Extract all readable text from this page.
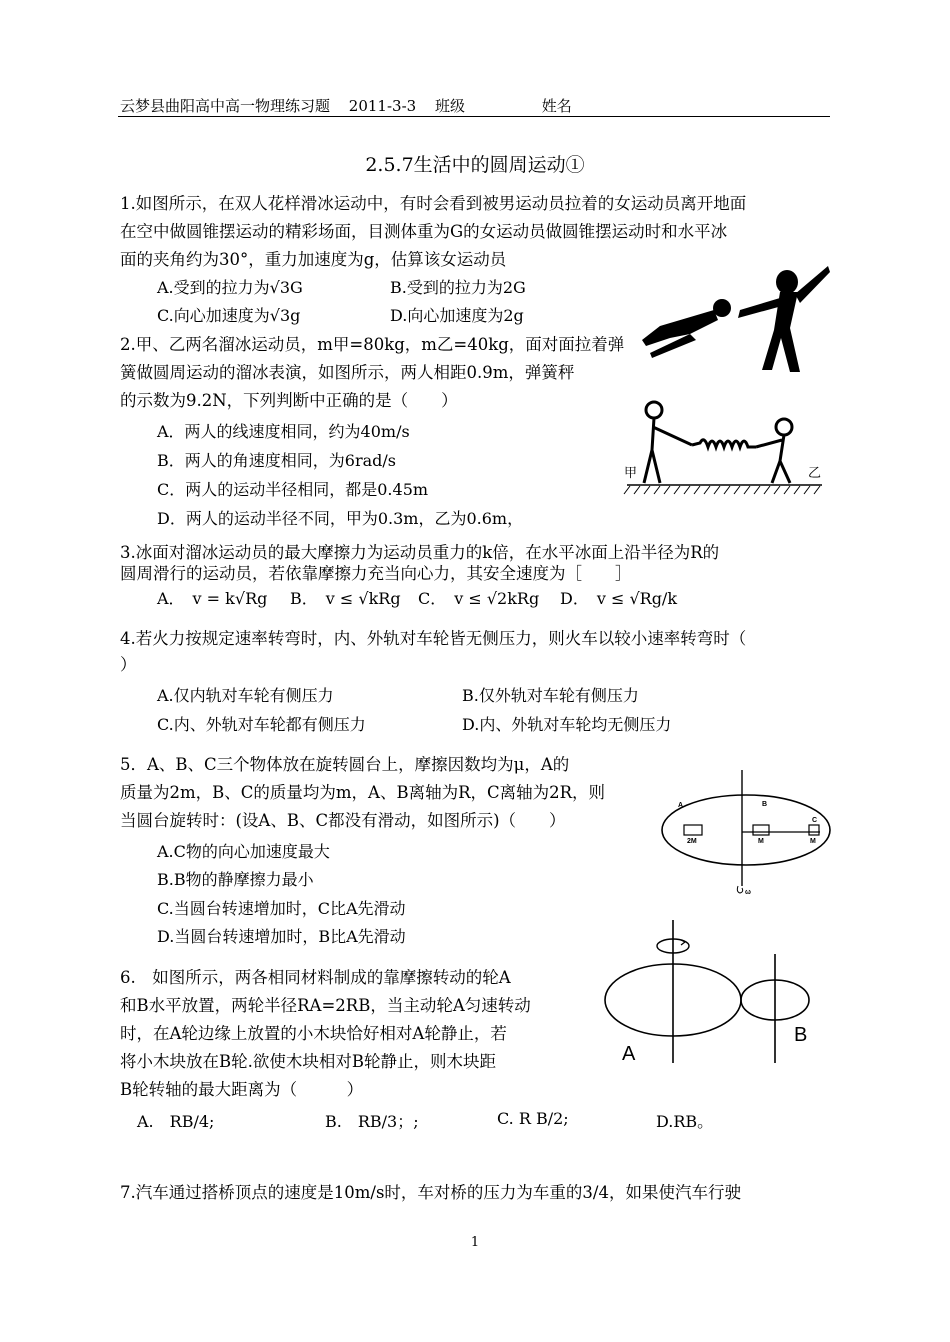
云梦县曲阳高中高一物理练习题 2011-3-3 班级	姓名
2.5.7生活中的圆周运动①
1.如图所示，在双人花样滑冰运动中，有时会看到被男运动员拉着的女运动员离开地面
在空中做圆锥摆运动的精彩场面，目测体重为G的女运动员做圆锥摆运动时和水平冰
面的夹角约为30°，重力加速度为g，估算该女运动员
A.受到的拉力为√3G	B.受到的拉力为2G
C.向心加速度为√3g	D.向心加速度为2g
2.甲、乙两名溜冰运动员，m甲=80kg，m乙=40kg，面对面拉着弹
簧做圆周运动的溜冰表演，如图所示，两人相距0.9m，弹簧秤
的示数为9.2N，下列判断中正确的是（　　）
A．两人的线速度相同，约为40m/s
B．两人的角速度相同，为6rad/s
C．两人的运动半径相同，都是0.45m
D．两人的运动半径不同，甲为0.3m，乙为0.6m，
甲	乙
3.冰面对溜冰运动员的最大摩擦力为运动员重力的k倍，在水平冰面上沿半径为R的
圆周滑行的运动员，若依靠摩擦力充当向心力，其安全速度为［　　］
A．　v = k√Rg B．　v ≤ √kRg C．　v ≤ √2kRg D．　v ≤ √Rg/k
4.若火力按规定速率转弯时，内、外轨对车轮皆无侧压力，则火车以较小速率转弯时（
）
A.仅内轨对车轮有侧压力	B.仅外轨对车轮有侧压力
C.内、外轨对车轮都有侧压力	D.内、外轨对车轮均无侧压力
5．A、B、C三个物体放在旋转圆台上，摩擦因数均为μ，A的
质量为2m，B、C的质量均为m，A、B离轴为R，C离轴为2R，则
当圆台旋转时：(设A、B、C都没有滑动，如图所示)（　　）
A.C物的向心加速度最大
B.B物的静摩擦力最小
C.当圆台转速增加时，C比A先滑动
D.当圆台转速增加时，B比A先滑动
A	B
C
2M	M	M
ω
6.　如图所示，两各相同材料制成的靠摩擦转动的轮A
和B水平放置，两轮半径RA=2RB，当主动轮A匀速转动
时，在A轮边缘上放置的小木块恰好相对A轮静止，若
将小木块放在B轮.欲使木块相对B轮静止，则木块距
B轮转轴的最大距离为（　　　）
A.　RB/4;	B.　RB/3；;	C. R B/2;	D.RB。
A
B
7.汽车通过搭桥顶点的速度是10m/s时，车对桥的压力为车重的3/4，如果使汽车行驶
1
